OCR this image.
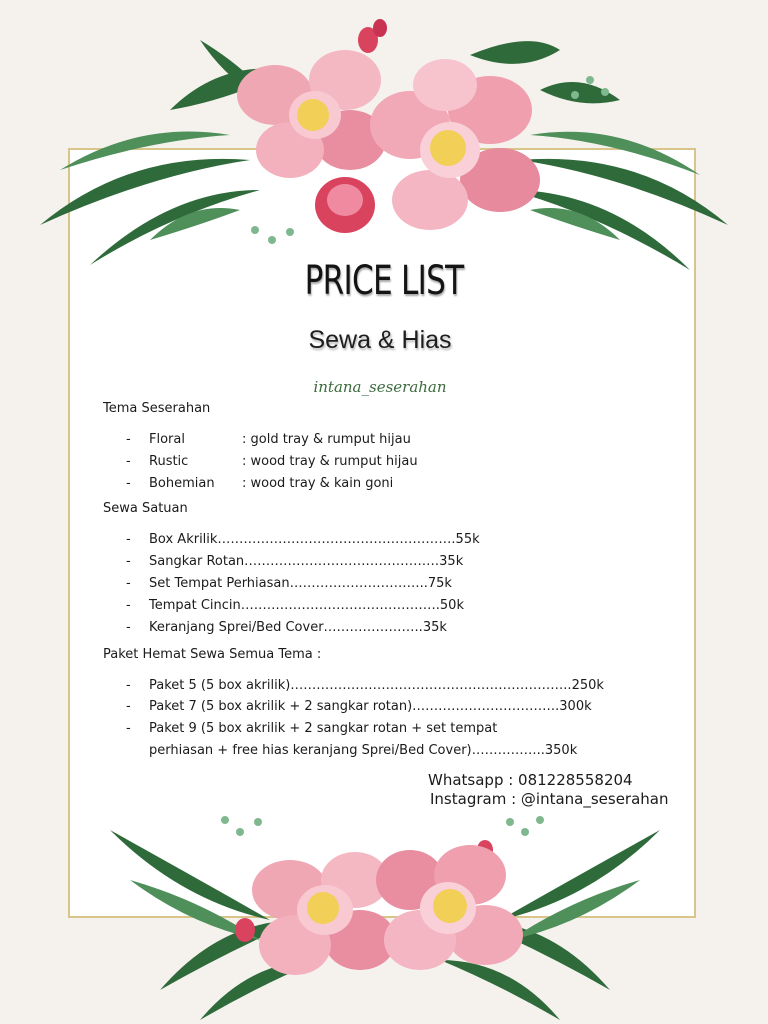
PRICE LIST
Sewa & Hias
intana_seserahan
Tema Seserahan
- Floral	: gold tray & rumput hijau
- Rustic	: wood tray & rumput hijau
- Bohemian : wood tray & kain goni
Sewa Satuan
- Box Akrilik……………………………………………….55k
- Sangkar Rotan………………………………………35k
- Set Tempat Perhiasan…………………………..75k
- Tempat Cincin……………………………………….50k
- Keranjang Sprei/Bed Cover…………………..35k
Paket Hemat Sewa Semua Tema :
- Paket 5 (5 box akrilik)………………………………………………………..250k
- Paket 7 (5 box akrilik + 2 sangkar rotan)…………………………….300k
- Paket 9 (5 box akrilik + 2 sangkar rotan + set tempat
perhiasan + free hias keranjang Sprei/Bed Cover)……………..350k
Whatsapp : 081228558204
Instagram : @intana_seserahan
